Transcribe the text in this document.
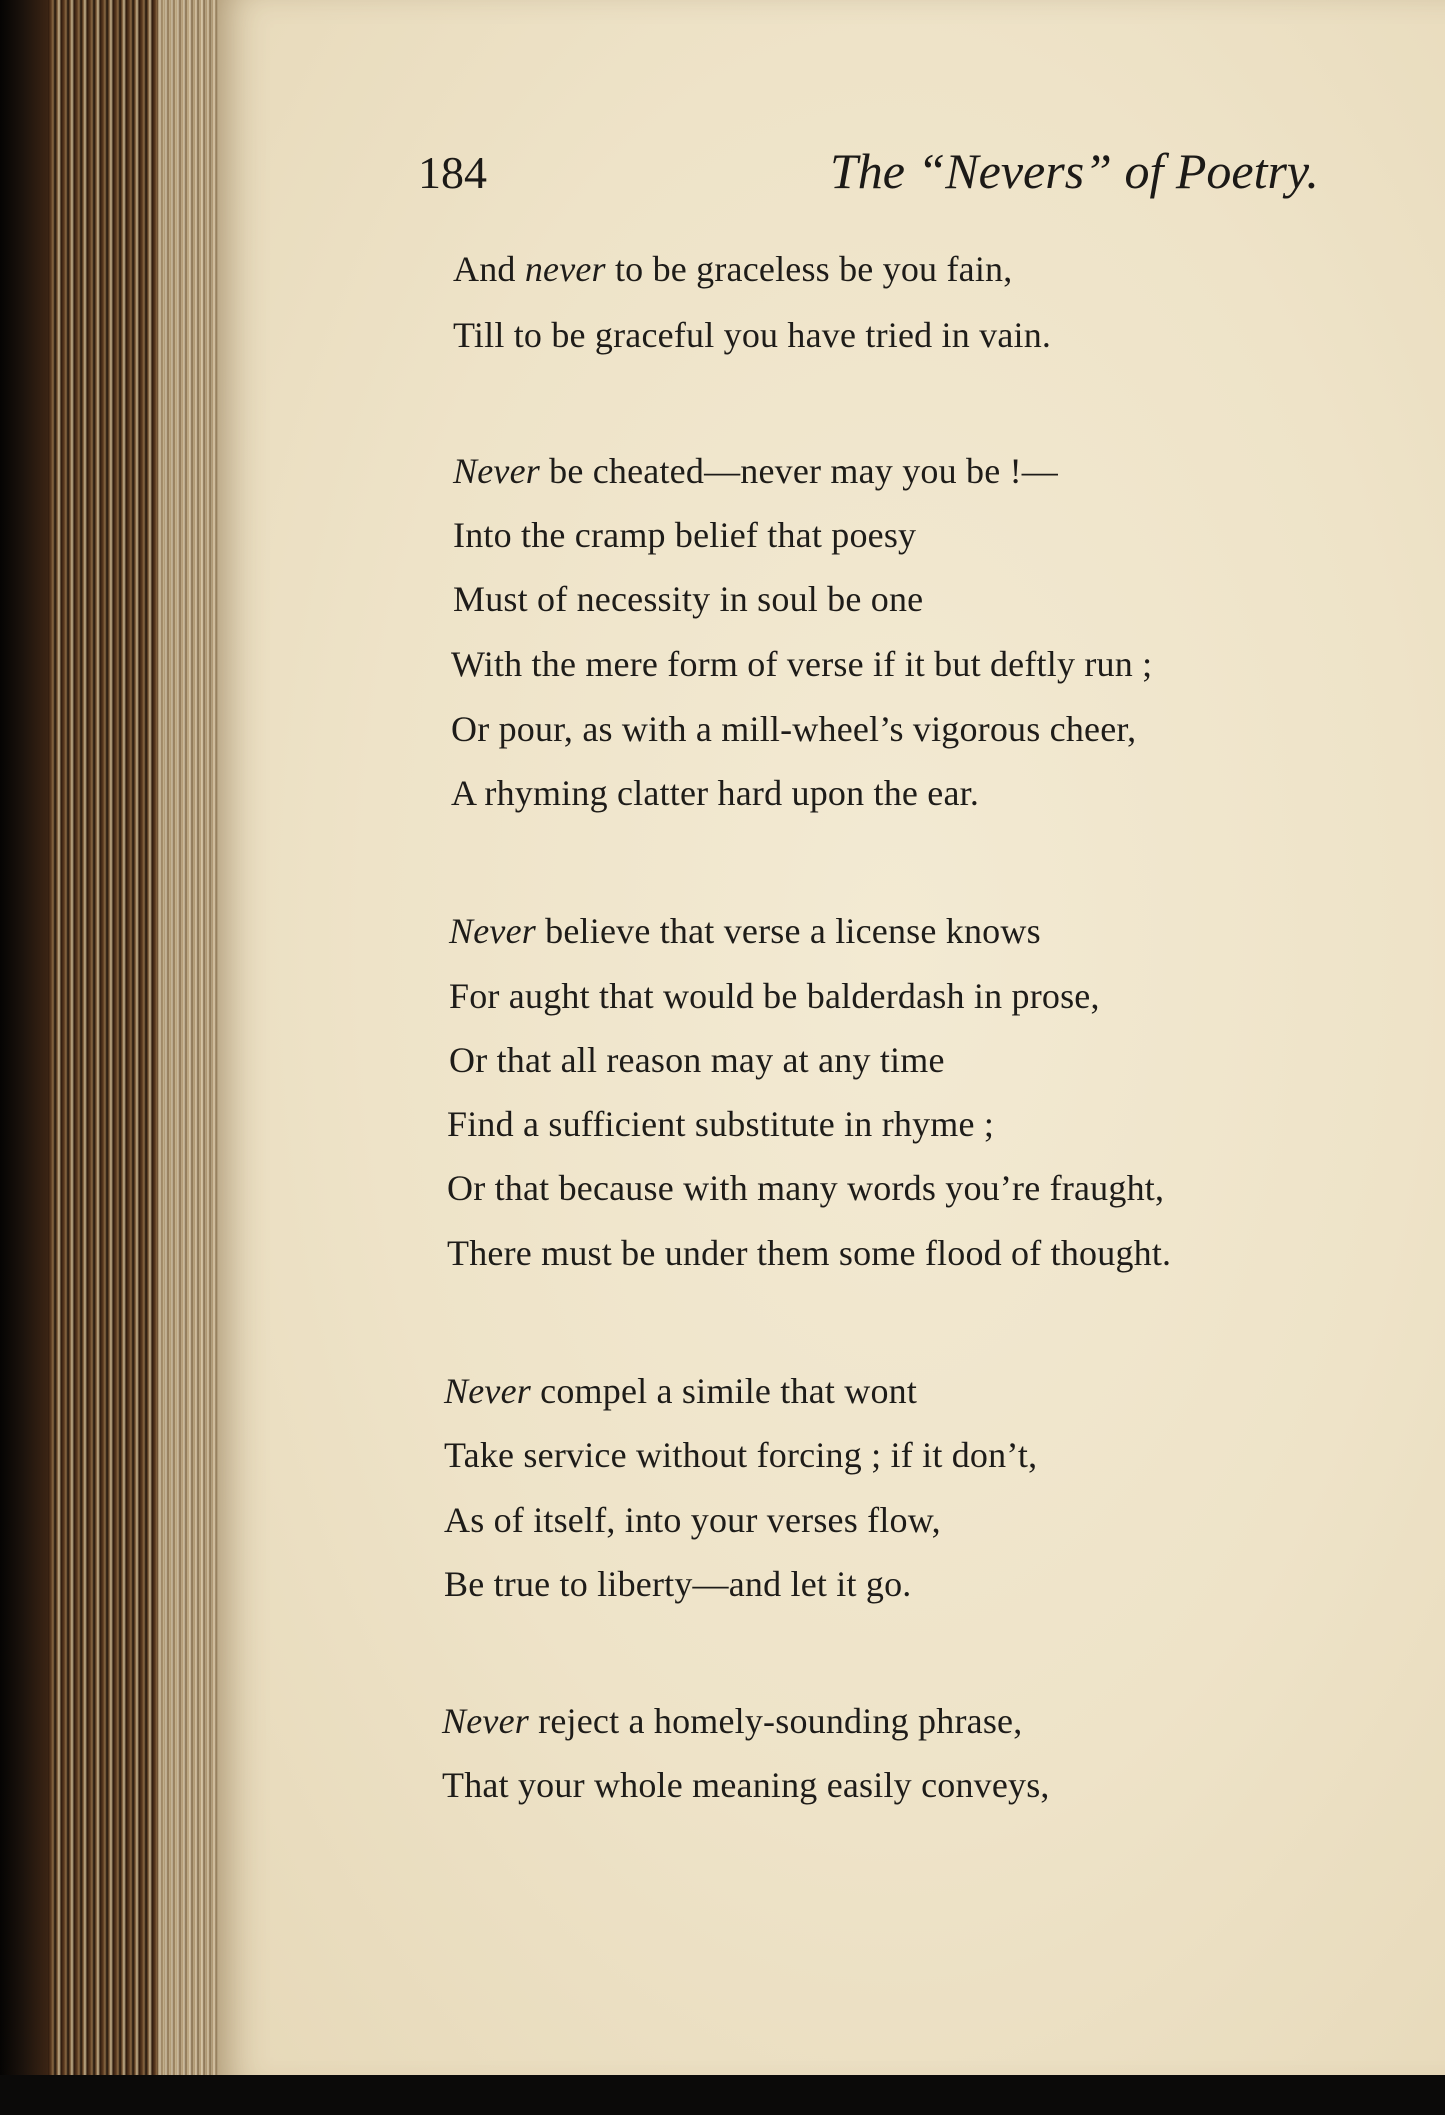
184	The “Nevers” of Poetry.
And never to be graceless be you fain,
Till to be graceful you have tried in vain.
Never be cheated—never may you be !—
Into the cramp belief that poesy
Must of necessity in soul be one
With the mere form of verse if it but deftly run ;
Or pour, as with a mill-wheel’s vigorous cheer,
A rhyming clatter hard upon the ear.
Never believe that verse a license knows
For aught that would be balderdash in prose,
Or that all reason may at any time
Find a sufficient substitute in rhyme ;
Or that because with many words you’re fraught,
There must be under them some flood of thought.
Never compel a simile that wont
Take service without forcing ; if it don’t,
As of itself, into your verses flow,
Be true to liberty—and let it go.
Never reject a homely-sounding phrase,
That your whole meaning easily conveys,
